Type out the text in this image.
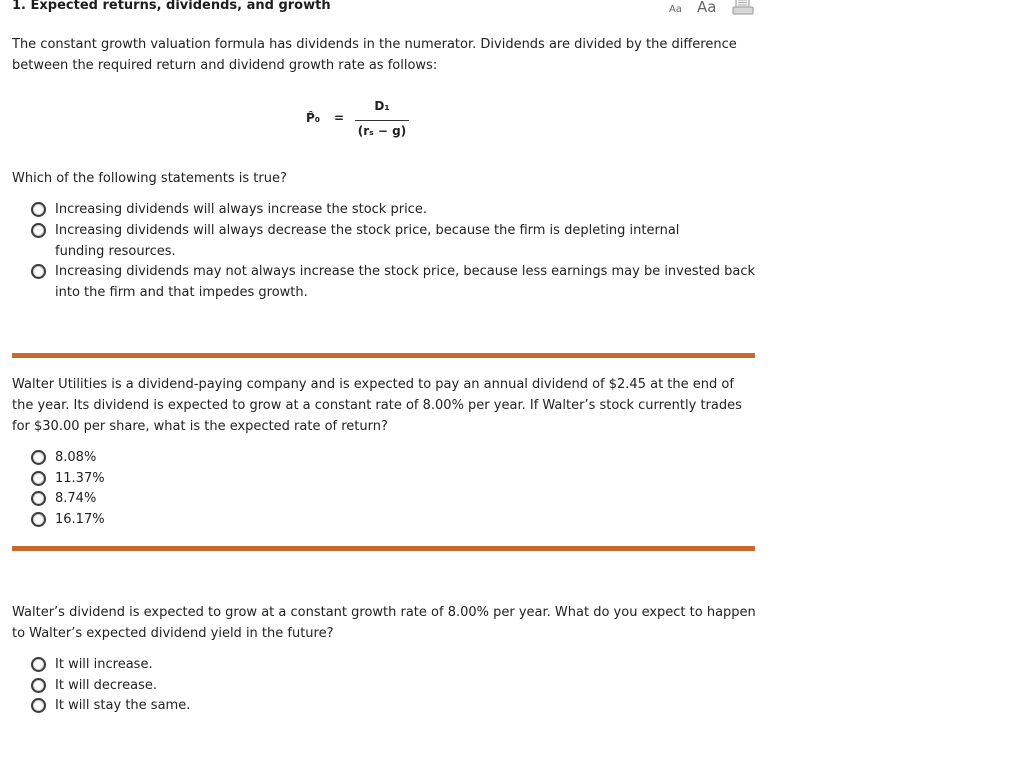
1. Expected returns, dividends, and growth	Aa Aa
The constant growth valuation formula has dividends in the numerator. Dividends are divided by the difference between the required return and dividend growth rate as follows:
P̂₀ =
D₁
(rₛ − g)
Which of the following statements is true?
Increasing dividends will always increase the stock price.
Increasing dividends will always decrease the stock price, because the firm is depleting internal funding resources.
Increasing dividends may not always increase the stock price, because less earnings may be invested back into the firm and that impedes growth.
Walter Utilities is a dividend-paying company and is expected to pay an annual dividend of $2.45 at the end of the year. Its dividend is expected to grow at a constant rate of 8.00% per year. If Walter’s stock currently trades for $30.00 per share, what is the expected rate of return?
8.08%
11.37%
8.74%
16.17%
Walter’s dividend is expected to grow at a constant growth rate of 8.00% per year. What do you expect to happen to Walter’s expected dividend yield in the future?
It will increase.
It will decrease.
It will stay the same.
